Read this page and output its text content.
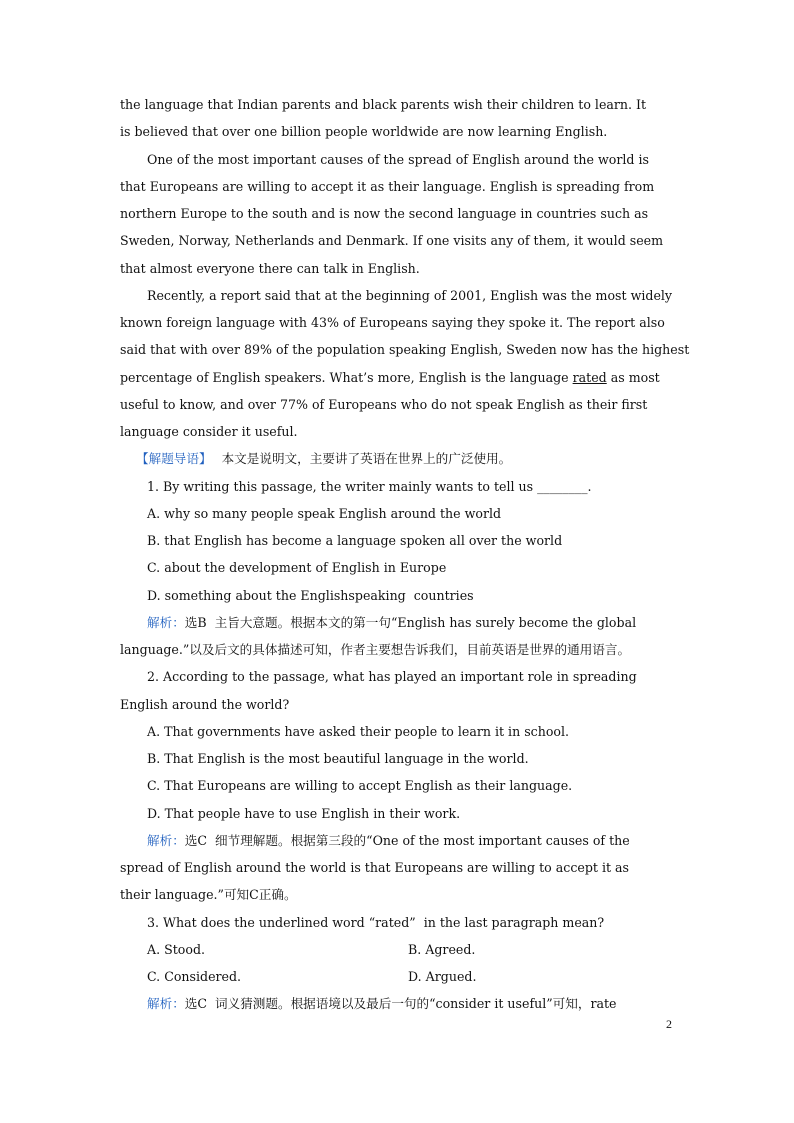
the language that Indian parents and black parents wish their children to learn. It
is believed that over one billion people worldwide are now learning English.
One of the most important causes of the spread of English around the world is
that Europeans are willing to accept it as their language. English is spreading from
northern Europe to the south and is now the second language in countries such as
Sweden, Norway, Netherlands and Denmark. If one visits any of them, it would seem
that almost everyone there can talk in English.
Recently, a report said that at the beginning of 2001, English was the most widely
known foreign language with 43% of Europeans saying they spoke it. The report also
said that with over 89% of the population speaking English, Sweden now has the highest
percentage of English speakers. What’s more, English is the language rated as most
useful to know, and over 77% of Europeans who do not speak English as their first
language consider it useful.
【解题导语】 本文是说明文，主要讲了英语在世界上的广泛使用。
1. By writing this passage, the writer mainly wants to tell us ________.
A. why so many people speak English around the world
B. that English has become a language spoken all over the world
C. about the development of English in Europe
D. something about the Englishspeaking  countries
解析：选B  主旨大意题。根据本文的第一句“English has surely become the global
language.”以及后文的具体描述可知，作者主要想告诉我们，目前英语是世界的通用语言。
2. According to the passage, what has played an important role in spreading
English around the world?
A. That governments have asked their people to learn it in school.
B. That English is the most beautiful language in the world.
C. That Europeans are willing to accept English as their language.
D. That people have to use English in their work.
解析：选C  细节理解题。根据第三段的“One of the most important causes of the
spread of English around the world is that Europeans are willing to accept it as
their language.”可知C正确。
3. What does the underlined word “rated”  in the last paragraph mean?
A. Stood.	B. Agreed.
C. Considered.	D. Argued.
解析：选C  词义猜测题。根据语境以及最后一句的“consider it useful”可知，rate
2
